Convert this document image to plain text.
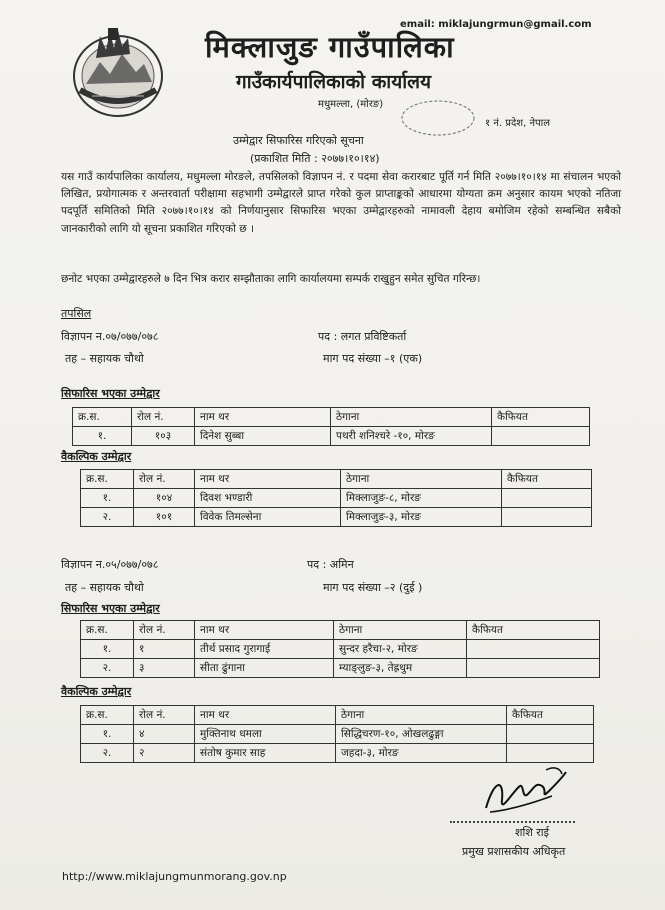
email: miklajungrmun@gmail.com
मिक्लाजुङ गाउँपालिका
गाउँकार्यपालिकाको कार्यालय
मधुमल्ला, (मोरङ)
१ नं. प्रदेश, नेपाल
उम्मेद्वार सिफारिस गरिएको सूचना
(प्रकाशित मिति : २०७७।१०।१४)
यस गाउँ कार्यपालिका कार्यालय, मधुमल्ला मोरङले, तपसिलको विज्ञापन नं. र पदमा सेवा करारबाट पूर्ति गर्न मिति २०७७।१०।१४ मा संचालन भएको लिखित, प्रयोगात्मक र अन्तरवार्ता परीक्षामा सहभागी उम्मेद्वारले प्राप्त गरेको कुल प्राप्ताङ्कको आधारमा योग्यता क्रम अनुसार कायम भएको नतिजा पदपूर्ति समितिको मिति २०७७।१०।१४ को निर्णयानुसार सिफारिस भएका उम्मेद्वारहरुको नामावली देहाय बमोजिम रहेको सम्बन्धित सबैको जानकारीको लागि यो सूचना प्रकाशित गरिएको छ ।
छनोट भएका उम्मेद्वारहरुले ७ दिन भित्र करार सम्झौताका लागि कार्यालयमा सम्पर्क राखुहुन समेत सुचित गरिन्छ।
तपसिल
विज्ञापन न.०७/०७७/०७८	पद : लगत प्रविष्टिकर्ता
तह – सहायक चौथो	माग पद संख्या –१ (एक)
सिफारिस भएका उम्मेद्वार
क्र.स.	रोल नं.	नाम थर	ठेगाना	कैफियत
१.	१०३	दिनेश सुब्बा	पथरी शनिश्चरे -१०, मोरङ	
वैकल्पिक उम्मेद्वार
क्र.स.	रोल नं.	नाम थर	ठेगाना	कैफियत
१.	१०४	दिवश भण्डारी	मिक्लाजुङ-८, मोरङ	
२.	१०१	विवेक तिमल्सेना	मिक्लाजुङ-३, मोरङ	
विज्ञापन न.०५/०७७/०७८	पद : अमिन
तह – सहायक चौथो	माग पद संख्या –२ (दुई )
सिफारिस भएका उम्मेद्वार
क्र.स.	रोल नं.	नाम थर	ठेगाना	कैफियत
१.	१	तीर्थ प्रसाद गुरागाई	सुन्दर हरैचा-२, मोरङ	
२.	३	सीता ढुंगाना	म्याङ्लुङ-३, तेह्रथुम	
वैकल्पिक उम्मेद्वार
क्र.स.	रोल नं.	नाम थर	ठेगाना	कैफियत
१.	४	मुक्तिनाथ धमला	सिद्धिचरण-१०, ओखलढुङ्गा	
२.	२	संतोष कुमार साह	जहदा-३, मोरङ	
शशि राई
प्रमुख प्रशासकीय अधिकृत
http://www.miklajungmunmorang.gov.np
